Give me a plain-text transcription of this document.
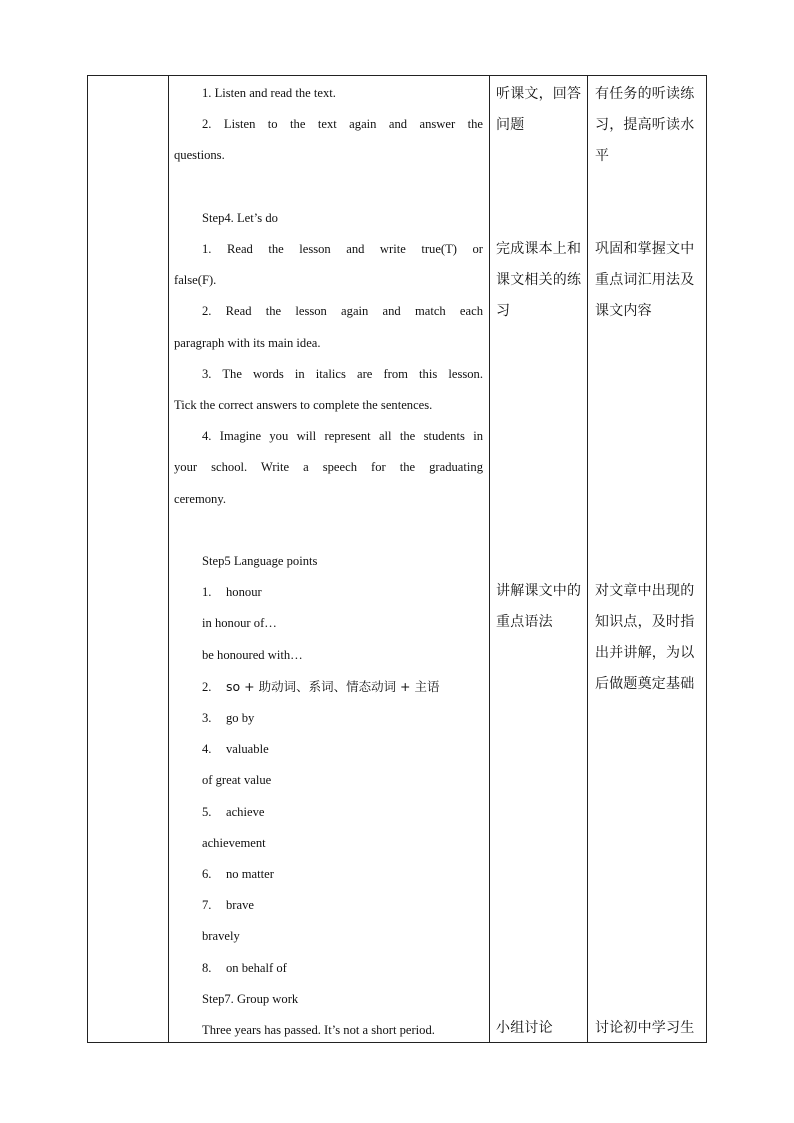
1. Listen and read the text.

2. Listen to the text again and answer the

questions.

Step4. Let’s do

1. Read the lesson and write true(T) or

false(F).

2. Read the lesson again and match each

paragraph with its main idea.

3. The words in italics are from this lesson.

Tick the correct answers to complete the sentences.

4. Imagine you will represent all the students in

your school. Write a speech for the graduating

ceremony.

Step5 Language points

1. honour

in honour of…

be honoured with…

2. so + 助动词、系词、情态动词 + 主语

3. go by

4. valuable

of great value

5. achieve

achievement

6. no matter

7. brave

bravely

8. on behalf of

Step7. Group work

Three years has passed. It’s not a short period.

听课文，回答

问题

完成课本上和

课文相关的练

习

讲解课文中的

重点语法

小组讨论

有任务的听读练

习，提高听读水

平

巩固和掌握文中

重点词汇用法及

课文内容

对文章中出现的

知识点，及时指

出并讲解，为以

后做题奠定基础

讨论初中学习生
